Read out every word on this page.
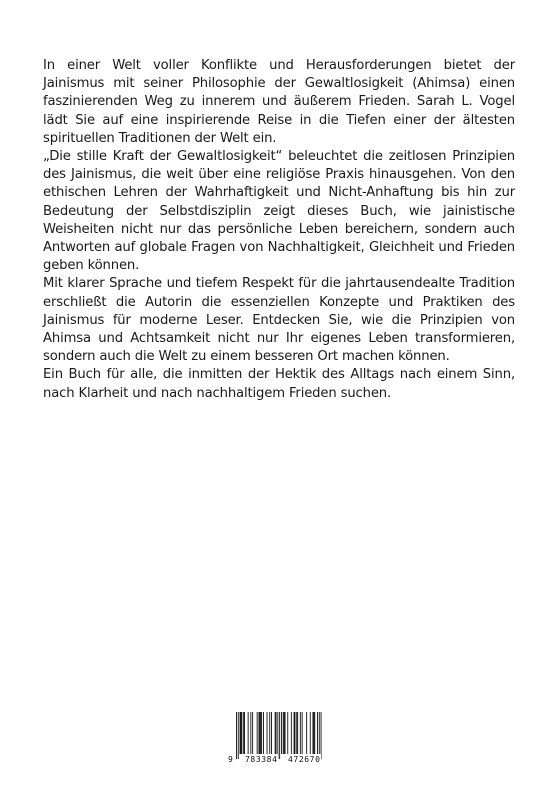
In einer Welt voller Konflikte und Herausforderungen bietet der Jainismus mit seiner Philosophie der Gewaltlosigkeit (Ahimsa) einen faszinierenden Weg zu innerem und äußerem Frieden. Sarah L. Vogel lädt Sie auf eine inspirierende Reise in die Tiefen einer der ältesten spirituellen Traditionen der Welt ein.

„Die stille Kraft der Gewaltlosigkeit“ beleuchtet die zeitlosen Prinzipien des Jainismus, die weit über eine religiöse Praxis hinausgehen. Von den ethischen Lehren der Wahrhaftigkeit und Nicht-Anhaftung bis hin zur Bedeutung der Selbstdisziplin zeigt dieses Buch, wie jainistische Weisheiten nicht nur das persönliche Leben bereichern, sondern auch Antworten auf globale Fragen von Nachhaltigkeit, Gleichheit und Frieden geben können.

Mit klarer Sprache und tiefem Respekt für die jahrtausendealte Tradition erschließt die Autorin die essenziellen Konzepte und Praktiken des Jainismus für moderne Leser. Entdecken Sie, wie die Prinzipien von Ahimsa und Achtsamkeit nicht nur Ihr eigenes Leben transformieren, sondern auch die Welt zu einem besseren Ort machen können.

Ein Buch für alle, die inmitten der Hektik des Alltags nach einem Sinn, nach Klarheit und nach nachhaltigem Frieden suchen.

9 783384 472670
